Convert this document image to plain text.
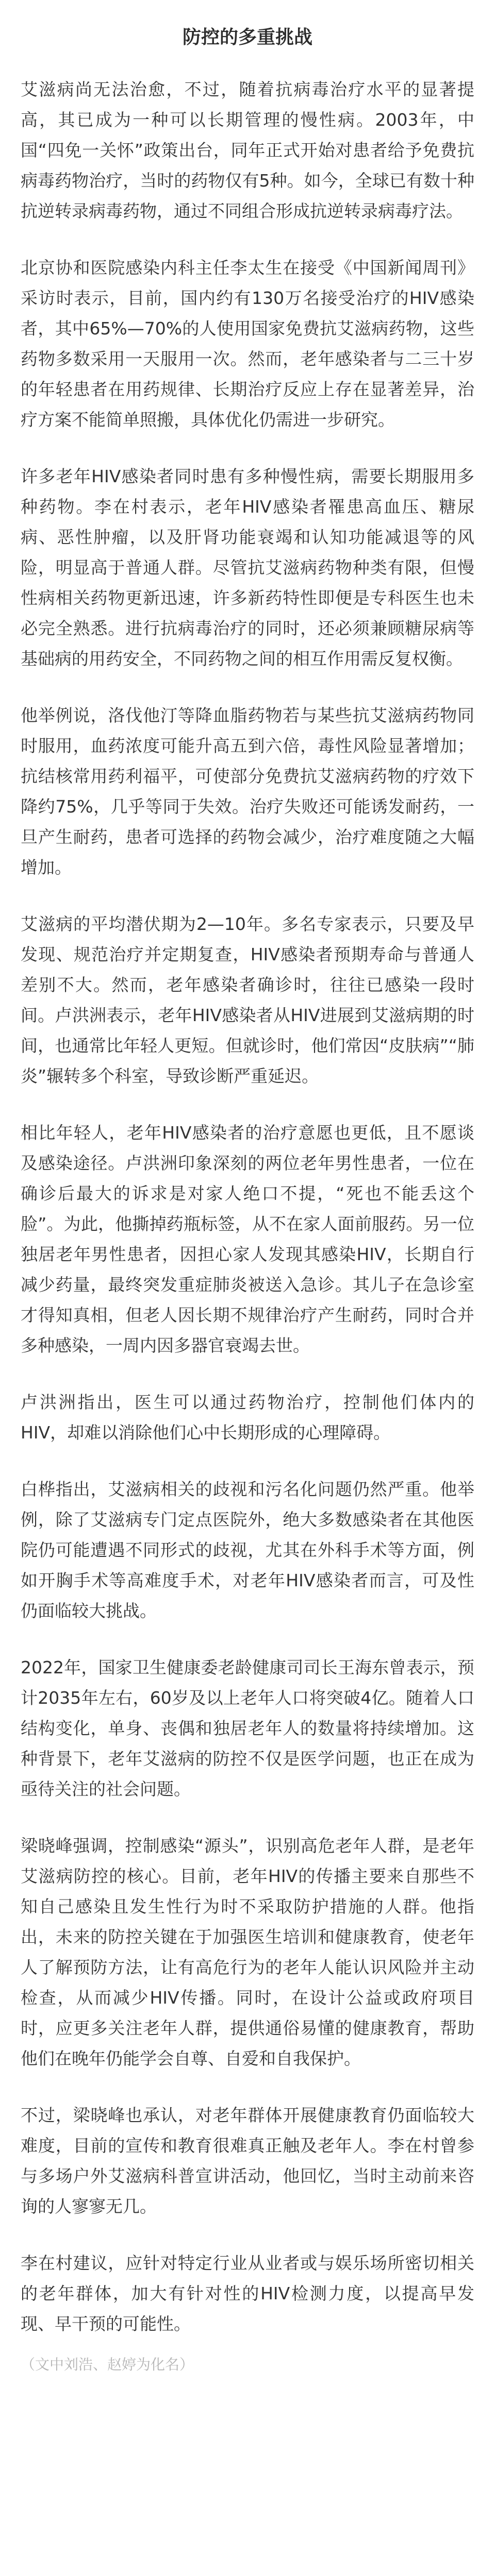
防控的多重挑战
艾滋病尚无法治愈，不过，随着抗病毒治疗水平的显著提高，其已成为一种可以长期管理的慢性病。2003年，中国“四免一关怀”政策出台，同年正式开始对患者给予免费抗病毒药物治疗，当时的药物仅有5种。如今，全球已有数十种抗逆转录病毒药物，通过不同组合形成抗逆转录病毒疗法。
北京协和医院感染内科主任李太生在接受《中国新闻周刊》采访时表示，目前，国内约有130万名接受治疗的HIV感染者，其中65%—70%的人使用国家免费抗艾滋病药物，这些药物多数采用一天服用一次。然而，老年感染者与二三十岁的年轻患者在用药规律、长期治疗反应上存在显著差异，治疗方案不能简单照搬，具体优化仍需进一步研究。
许多老年HIV感染者同时患有多种慢性病，需要长期服用多种药物。李在村表示，老年HIV感染者罹患高血压、糖尿病、恶性肿瘤，以及肝肾功能衰竭和认知功能减退等的风险，明显高于普通人群。尽管抗艾滋病药物种类有限，但慢性病相关药物更新迅速，许多新药特性即便是专科医生也未必完全熟悉。进行抗病毒治疗的同时，还必须兼顾糖尿病等基础病的用药安全，不同药物之间的相互作用需反复权衡。
他举例说，洛伐他汀等降血脂药物若与某些抗艾滋病药物同时服用，血药浓度可能升高五到六倍，毒性风险显著增加；抗结核常用药利福平，可使部分免费抗艾滋病药物的疗效下降约75%，几乎等同于失效。治疗失败还可能诱发耐药，一旦产生耐药，患者可选择的药物会减少，治疗难度随之大幅增加。
艾滋病的平均潜伏期为2—10年。多名专家表示，只要及早发现、规范治疗并定期复查，HIV感染者预期寿命与普通人差别不大。然而，老年感染者确诊时，往往已感染一段时间。卢洪洲表示，老年HIV感染者从HIV进展到艾滋病期的时间，也通常比年轻人更短。但就诊时，他们常因“皮肤病”“肺炎”辗转多个科室，导致诊断严重延迟。
相比年轻人，老年HIV感染者的治疗意愿也更低，且不愿谈及感染途径。卢洪洲印象深刻的两位老年男性患者，一位在确诊后最大的诉求是对家人绝口不提，“死也不能丢这个脸”。为此，他撕掉药瓶标签，从不在家人面前服药。另一位独居老年男性患者，因担心家人发现其感染HIV，长期自行减少药量，最终突发重症肺炎被送入急诊。其儿子在急诊室才得知真相，但老人因长期不规律治疗产生耐药，同时合并多种感染，一周内因多器官衰竭去世。
卢洪洲指出，医生可以通过药物治疗，控制他们体内的HIV，却难以消除他们心中长期形成的心理障碍。
白桦指出，艾滋病相关的歧视和污名化问题仍然严重。他举例，除了艾滋病专门定点医院外，绝大多数感染者在其他医院仍可能遭遇不同形式的歧视，尤其在外科手术等方面，例如开胸手术等高难度手术，对老年HIV感染者而言，可及性仍面临较大挑战。
2022年，国家卫生健康委老龄健康司司长王海东曾表示，预计2035年左右，60岁及以上老年人口将突破4亿。随着人口结构变化，单身、丧偶和独居老年人的数量将持续增加。这种背景下，老年艾滋病的防控不仅是医学问题，也正在成为亟待关注的社会问题。
梁晓峰强调，控制感染“源头”，识别高危老年人群，是老年艾滋病防控的核心。目前，老年HIV的传播主要来自那些不知自己感染且发生性行为时不采取防护措施的人群。他指出，未来的防控关键在于加强医生培训和健康教育，使老年人了解预防方法，让有高危行为的老年人能认识风险并主动检查，从而减少HIV传播。同时，在设计公益或政府项目时，应更多关注老年人群，提供通俗易懂的健康教育，帮助他们在晚年仍能学会自尊、自爱和自我保护。
不过，梁晓峰也承认，对老年群体开展健康教育仍面临较大难度，目前的宣传和教育很难真正触及老年人。李在村曾参与多场户外艾滋病科普宣讲活动，他回忆，当时主动前来咨询的人寥寥无几。
李在村建议，应针对特定行业从业者或与娱乐场所密切相关的老年群体，加大有针对性的HIV检测力度，以提高早发现、早干预的可能性。
（文中刘浩、赵婷为化名）
